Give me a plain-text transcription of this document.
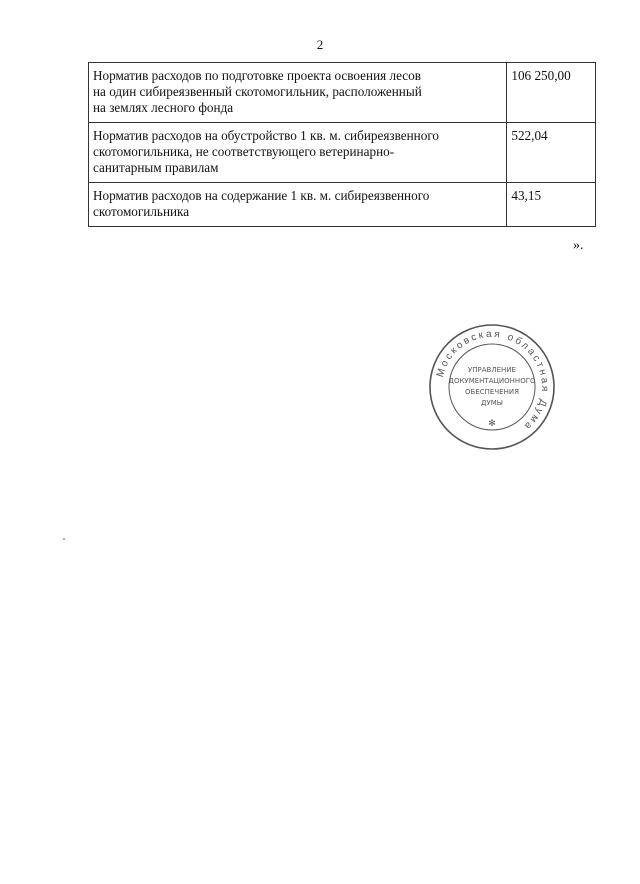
2
Норматив расходов по подготовке проекта освоения лесов
на один сибиреязвенный скотомогильник, расположенный
на землях лесного фонда	106 250,00
Норматив расходов на обустройство 1 кв. м. сибиреязвенного
скотомогильника, не соответствующего ветеринарно-
санитарным правилам	522,04
Норматив расходов на содержание 1 кв. м. сибиреязвенного
скотомогильника	43,15
».
Московская областная Дума
УПРАВЛЕНИЕ
ДОКУМЕНТАЦИОННОГО
ОБЕСПЕЧЕНИЯ
ДУМЫ
✻
